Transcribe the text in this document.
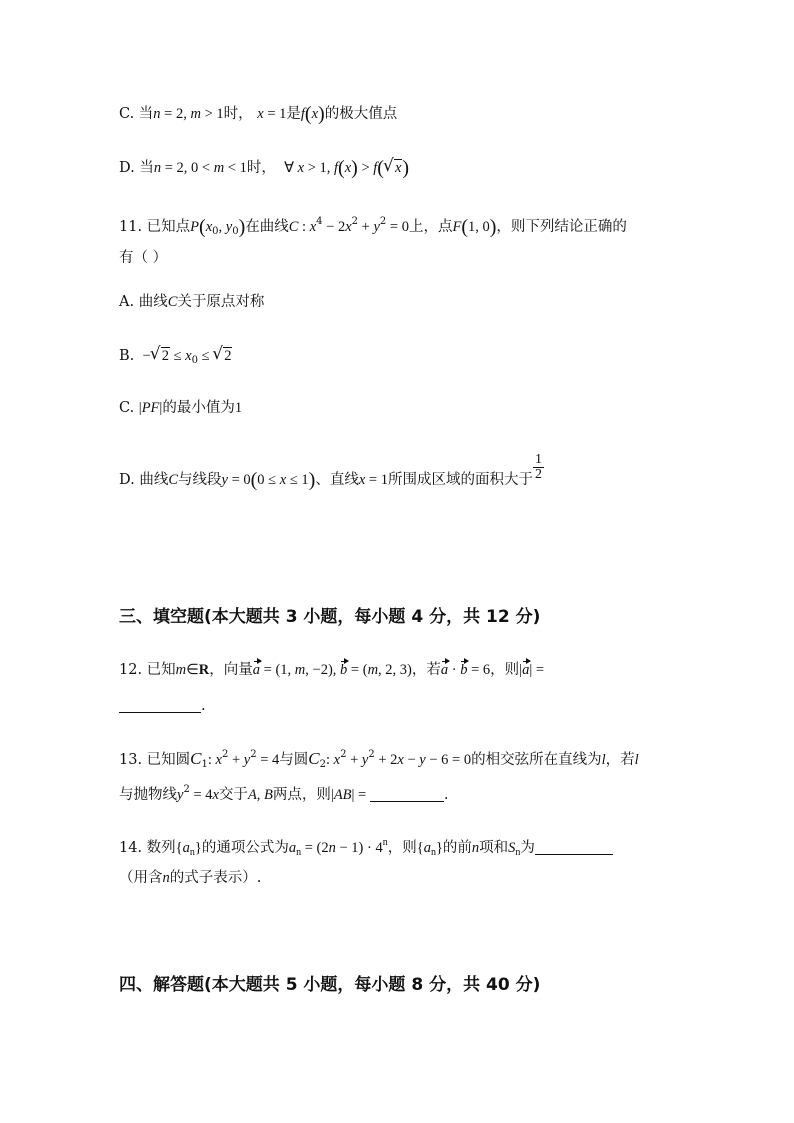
C. 当n = 2, m > 1时， x = 1是f(x)的极大值点
D. 当n = 2, 0 < m < 1时，  ∀ x > 1, f(x) > f( √ x)
11. 已知点$P(x_0$, $y_0$)在曲线C : $x^4 - 2x^2 + y^2 = 0$上，点F(1, 0)，则下列结论正确的
有（ ）
A. 曲线C关于原点对称
B.  − √ $2 \le x_0$ ≤ √ 2
C. |PF|的最小值为1
D. 曲线C与线段y = 0(0 ≤ x ≤ 1)、直线x = 1所围成区域的面积大于 $\frac{1}{2}$
三、填空题(本大题共 3 小题，每小题 4 分，共 12 分)
12. 已知m∈R，向量a = (1, m, −2), b = (m, 2, 3)，若a · b = 6，则|a| =
.
13. 已知圆$C_1$: $x^2 + y^2 = 4$与圆$C_2$: $x^2 + y^2 + 2x - y - 6 = 0$的相交弦所在直线为l，若l
与抛物线$y^2 = 4x$交于A, B两点，则|AB| =	.
14. 数列$\{a_n\}$的通项公式为$a_n = (2n - 1) \cdot 4^n$，则$\{a_n\}$的前n项和$S_n$为
（用含n的式子表示）.
四、解答题(本大题共 5 小题，每小题 8 分，共 40 分)
